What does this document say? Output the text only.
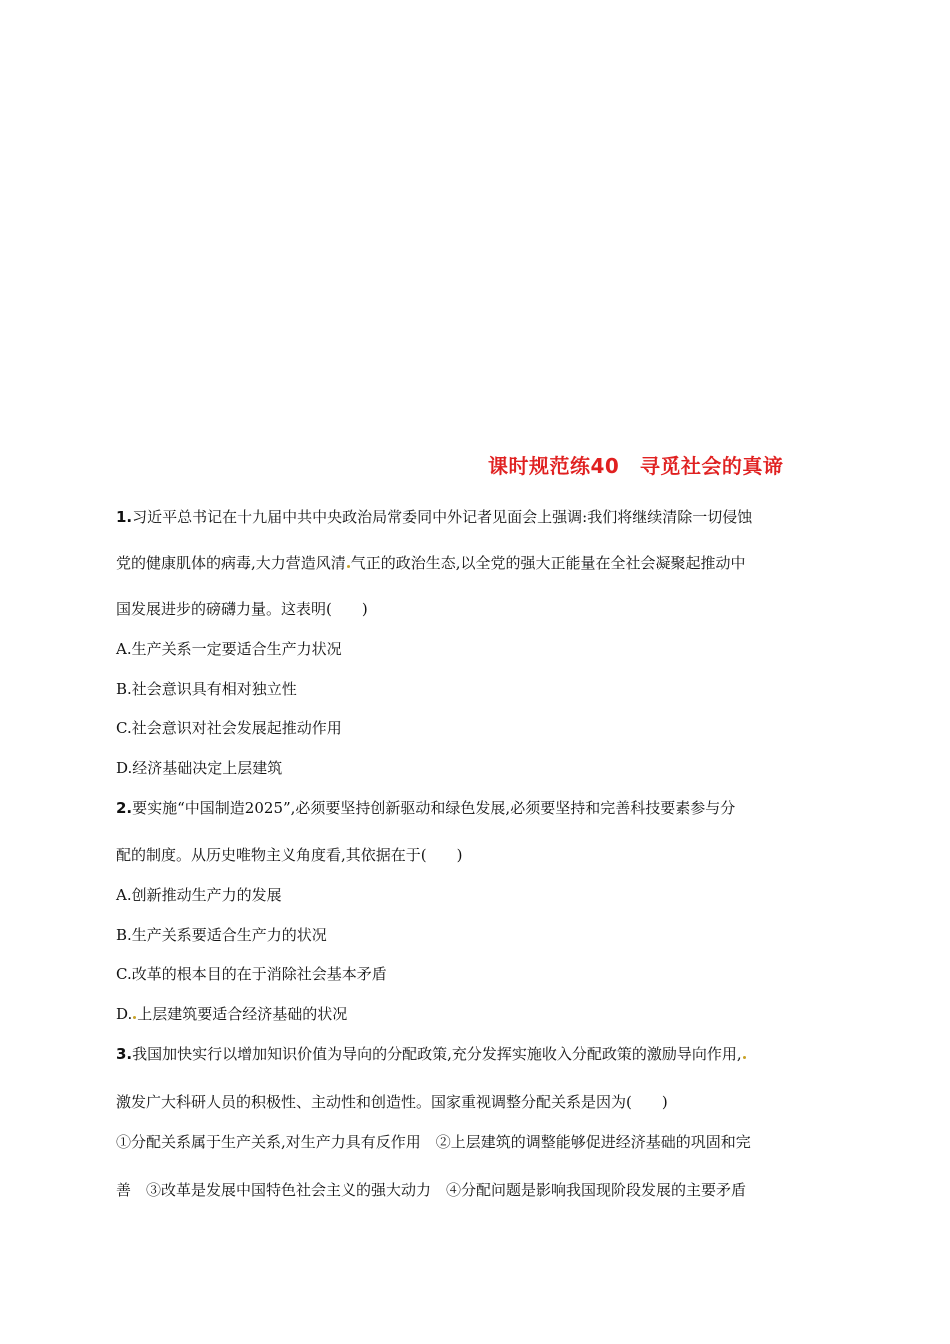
课时规范练40　寻觅社会的真谛
1.习近平总书记在十九届中共中央政治局常委同中外记者见面会上强调:我们将继续清除一切侵蚀
党的健康肌体的病毒,大力营造风清 气正的政治生态,以全党的强大正能量在全社会凝聚起推动中
国发展进步的磅礴力量。这表明(　　)
A.生产关系一定要适合生产力状况
B.社会意识具有相对独立性
C.社会意识对社会发展起推动作用
D.经济基础决定上层建筑
2.要实施“中国制造2025”,必须要坚持创新驱动和绿色发展,必须要坚持和完善科技要素参与分
配的制度。从历史唯物主义角度看,其依据在于(　　)
A.创新推动生产力的发展
B.生产关系要适合生产力的状况
C.改革的根本目的在于消除社会基本矛盾
D. 上层建筑要适合经济基础的状况
3.我国加快实行以增加知识价值为导向的分配政策,充分发挥实施收入分配政策的激励导向作用,
激发广大科研人员的积极性、主动性和创造性。国家重视调整分配关系是因为(　　)
①分配关系属于生产关系,对生产力具有反作用　②上层建筑的调整能够促进经济基础的巩固和完
善　③改革是发展中国特色社会主义的强大动力　④分配问题是影响我国现阶段发展的主要矛盾
